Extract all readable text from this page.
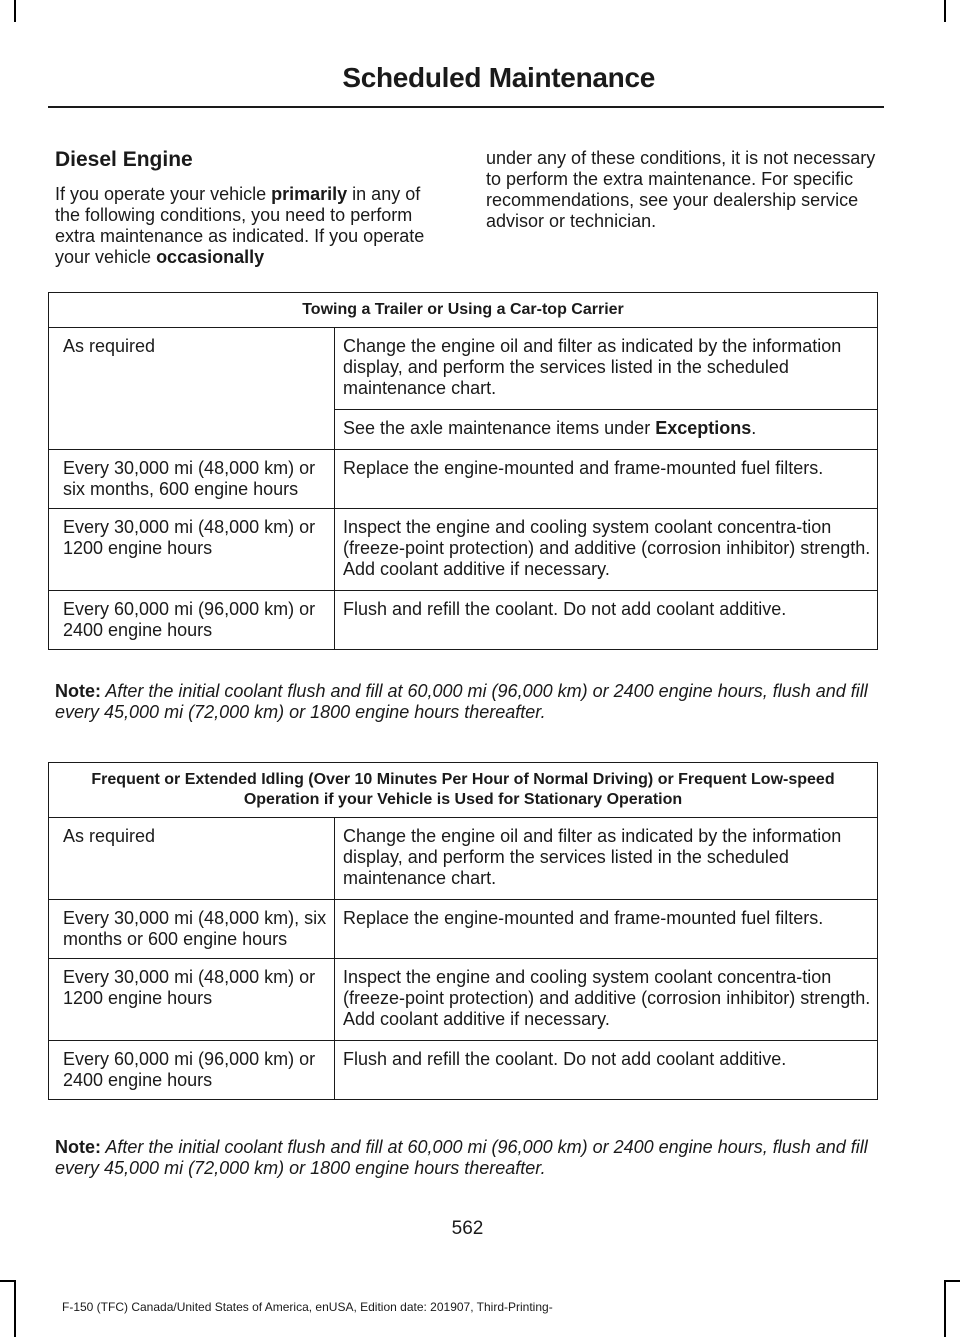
Scheduled Maintenance
Diesel Engine

If you operate your vehicle primarily in any of the following conditions, you need to perform extra maintenance as indicated. If you operate your vehicle occasionally

under any of these conditions, it is not necessary to perform the extra maintenance. For specific recommendations, see your dealership service advisor or technician.

Towing a Trailer or Using a Car-top Carrier	
As required	Change the engine oil and filter as indicated by the information display, and perform the services listed in the scheduled maintenance chart.
	See the axle maintenance items under Exceptions.
Every 30,000 mi (48,000 km) or six months, 600 engine hours	Replace the engine-mounted and frame-mounted fuel filters.
Every 30,000 mi (48,000 km) or 1200 engine hours	Inspect the engine and cooling system coolant concentra-tion (freeze-point protection) and additive (corrosion inhibitor) strength. Add coolant additive if necessary.
Every 60,000 mi (96,000 km) or 2400 engine hours	Flush and refill the coolant. Do not add coolant additive.
Note: After the initial coolant flush and fill at 60,000 mi (96,000 km) or 2400 engine hours, flush and fill every 45,000 mi (72,000 km) or 1800 engine hours thereafter.
Frequent or Extended Idling (Over 10 Minutes Per Hour of Normal Driving) or Frequent Low-speed Operation if your Vehicle is Used for Stationary Operation	
As required	Change the engine oil and filter as indicated by the information display, and perform the services listed in the scheduled maintenance chart.
Every 30,000 mi (48,000 km), six months or 600 engine hours	Replace the engine-mounted and frame-mounted fuel filters.
Every 30,000 mi (48,000 km) or 1200 engine hours	Inspect the engine and cooling system coolant concentra-tion (freeze-point protection) and additive (corrosion inhibitor) strength. Add coolant additive if necessary.
Every 60,000 mi (96,000 km) or 2400 engine hours	Flush and refill the coolant. Do not add coolant additive.
Note: After the initial coolant flush and fill at 60,000 mi (96,000 km) or 2400 engine hours, flush and fill every 45,000 mi (72,000 km) or 1800 engine hours thereafter.
562
F-150 (TFC) Canada/United States of America, enUSA, Edition date: 201907, Third-Printing-
